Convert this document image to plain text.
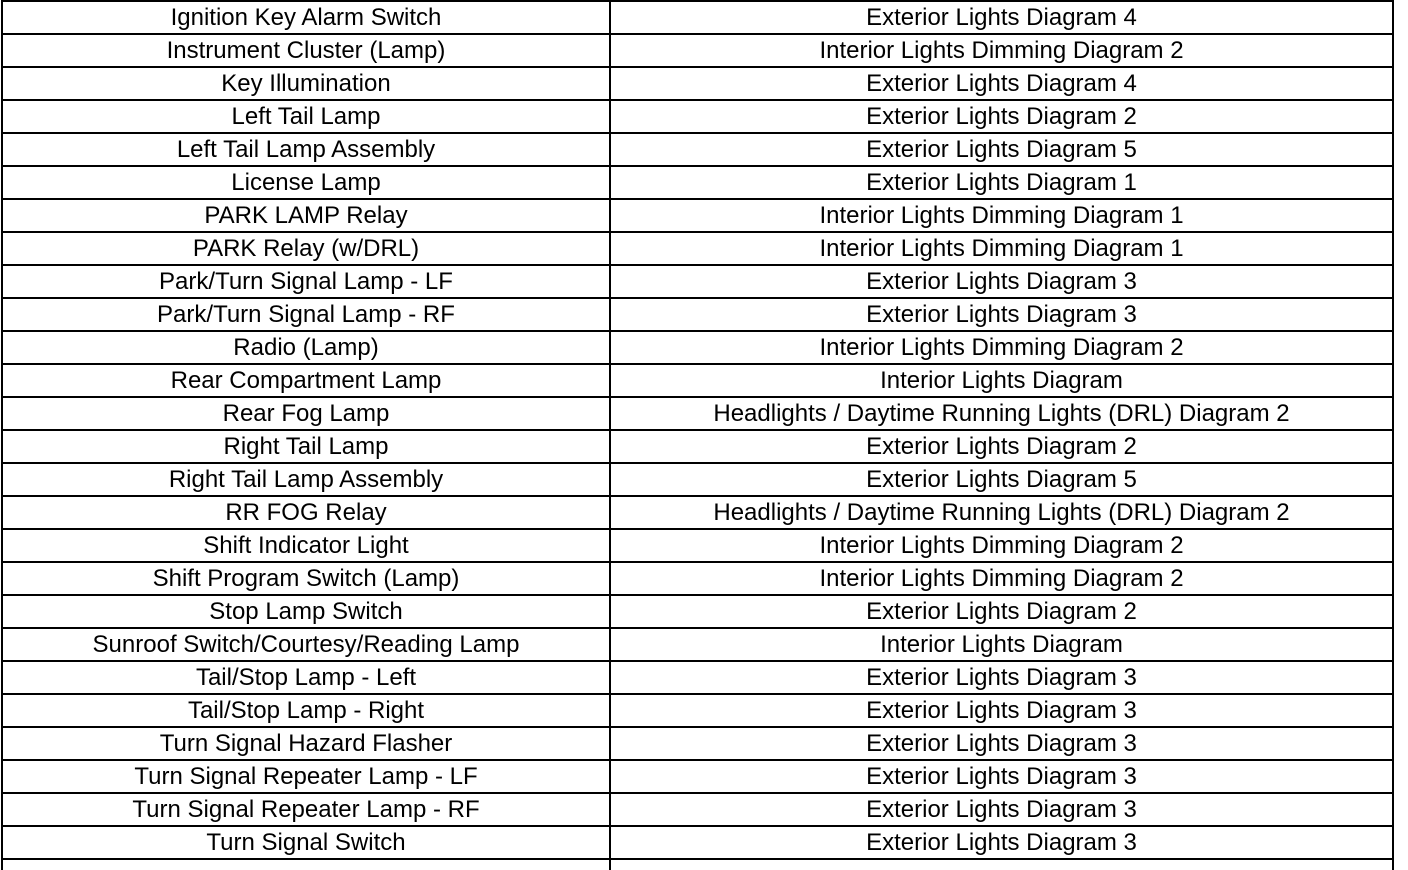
Ignition Key Alarm Switch	Exterior Lights Diagram 4
Instrument Cluster (Lamp)	Interior Lights Dimming Diagram 2
Key Illumination	Exterior Lights Diagram 4
Left Tail Lamp	Exterior Lights Diagram 2
Left Tail Lamp Assembly	Exterior Lights Diagram 5
License Lamp	Exterior Lights Diagram 1
PARK LAMP Relay	Interior Lights Dimming Diagram 1
PARK Relay (w/DRL)	Interior Lights Dimming Diagram 1
Park/Turn Signal Lamp - LF	Exterior Lights Diagram 3
Park/Turn Signal Lamp - RF	Exterior Lights Diagram 3
Radio (Lamp)	Interior Lights Dimming Diagram 2
Rear Compartment Lamp	Interior Lights Diagram
Rear Fog Lamp	Headlights / Daytime Running Lights (DRL) Diagram 2
Right Tail Lamp	Exterior Lights Diagram 2
Right Tail Lamp Assembly	Exterior Lights Diagram 5
RR FOG Relay	Headlights / Daytime Running Lights (DRL) Diagram 2
Shift Indicator Light	Interior Lights Dimming Diagram 2
Shift Program Switch (Lamp)	Interior Lights Dimming Diagram 2
Stop Lamp Switch	Exterior Lights Diagram 2
Sunroof Switch/Courtesy/Reading Lamp	Interior Lights Diagram
Tail/Stop Lamp - Left	Exterior Lights Diagram 3
Tail/Stop Lamp - Right	Exterior Lights Diagram 3
Turn Signal Hazard Flasher	Exterior Lights Diagram 3
Turn Signal Repeater Lamp - LF	Exterior Lights Diagram 3
Turn Signal Repeater Lamp - RF	Exterior Lights Diagram 3
Turn Signal Switch	Exterior Lights Diagram 3
